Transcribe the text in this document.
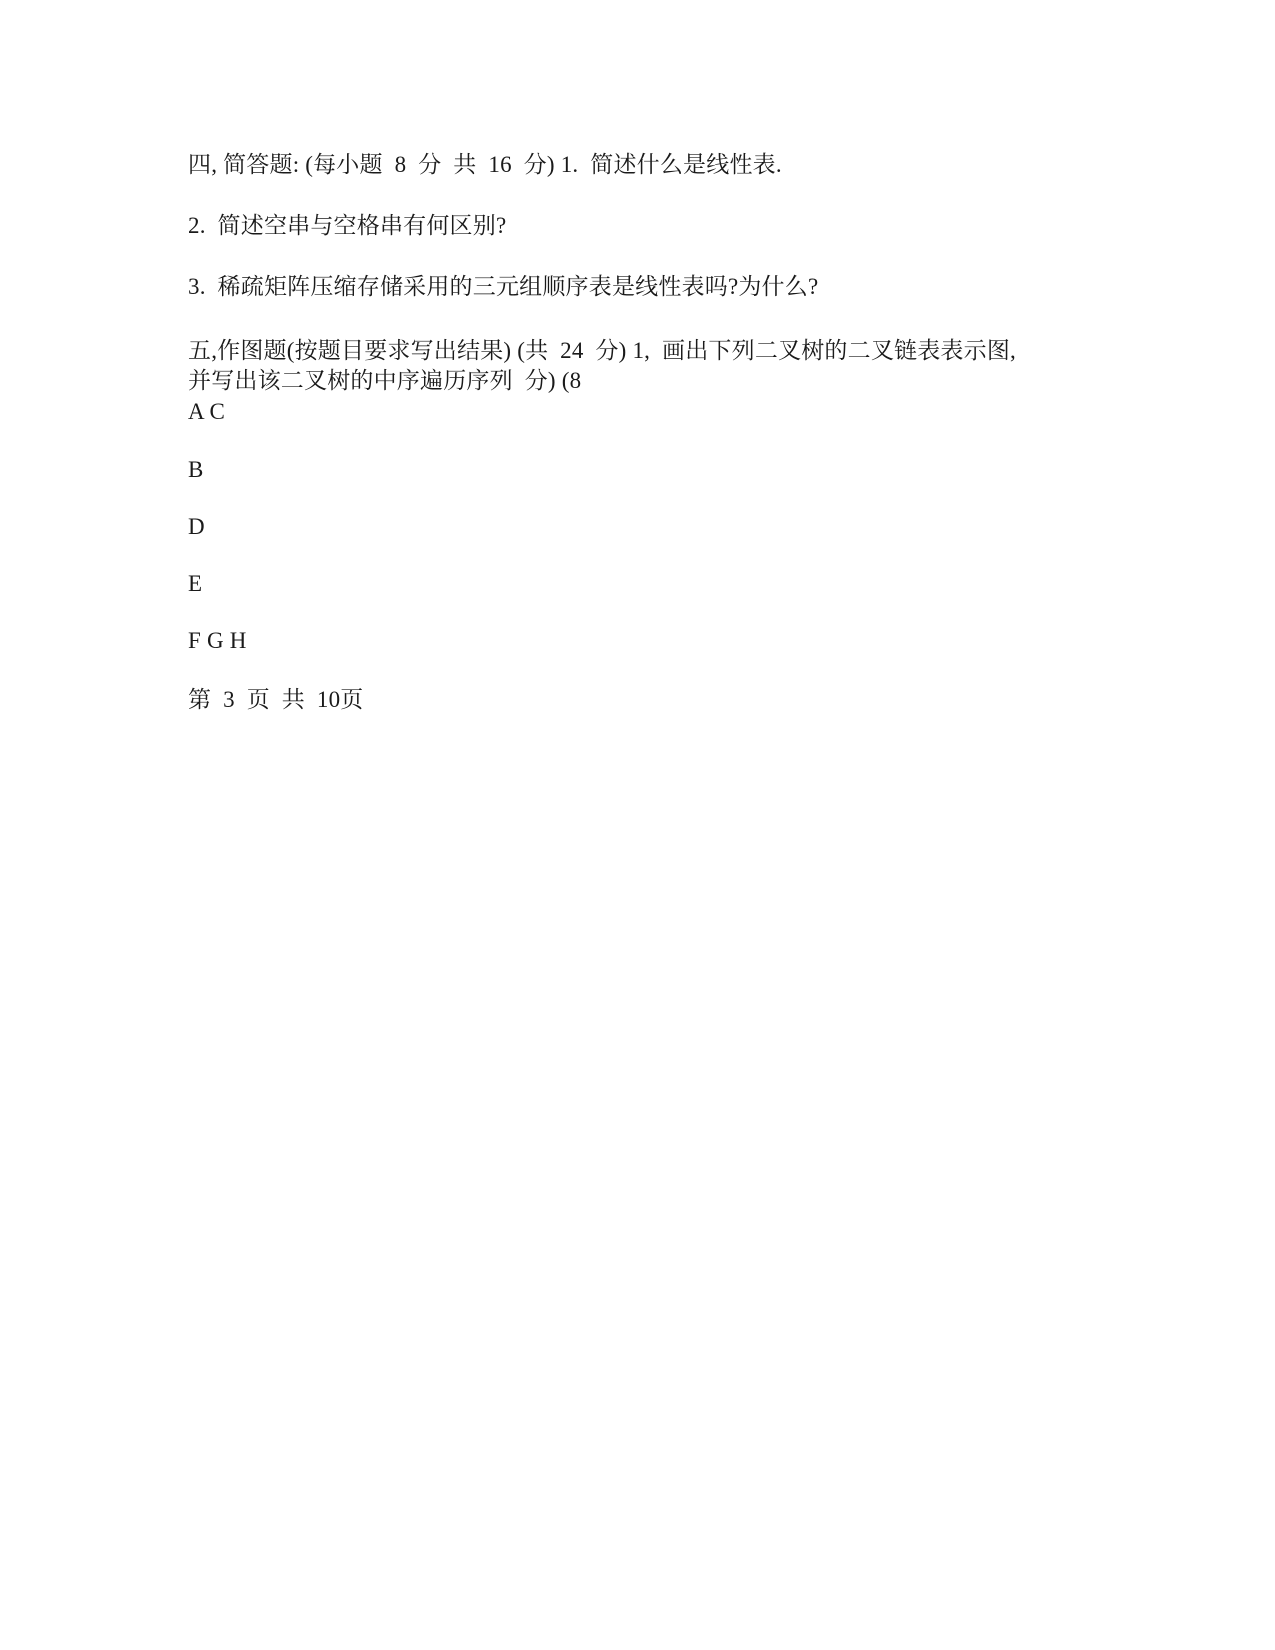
四, 简答题: (每小题  8  分  共  16  分) 1.  简述什么是线性表.
2.  简述空串与空格串有何区别?
3.  稀疏矩阵压缩存储采用的三元组顺序表是线性表吗?为什么?
五,作图题(按题目要求写出结果) (共  24  分) 1,  画出下列二叉树的二叉链表表示图,
并写出该二叉树的中序遍历序列  分) (8
A C
B
D
E
F G H
第  3  页  共  10页
